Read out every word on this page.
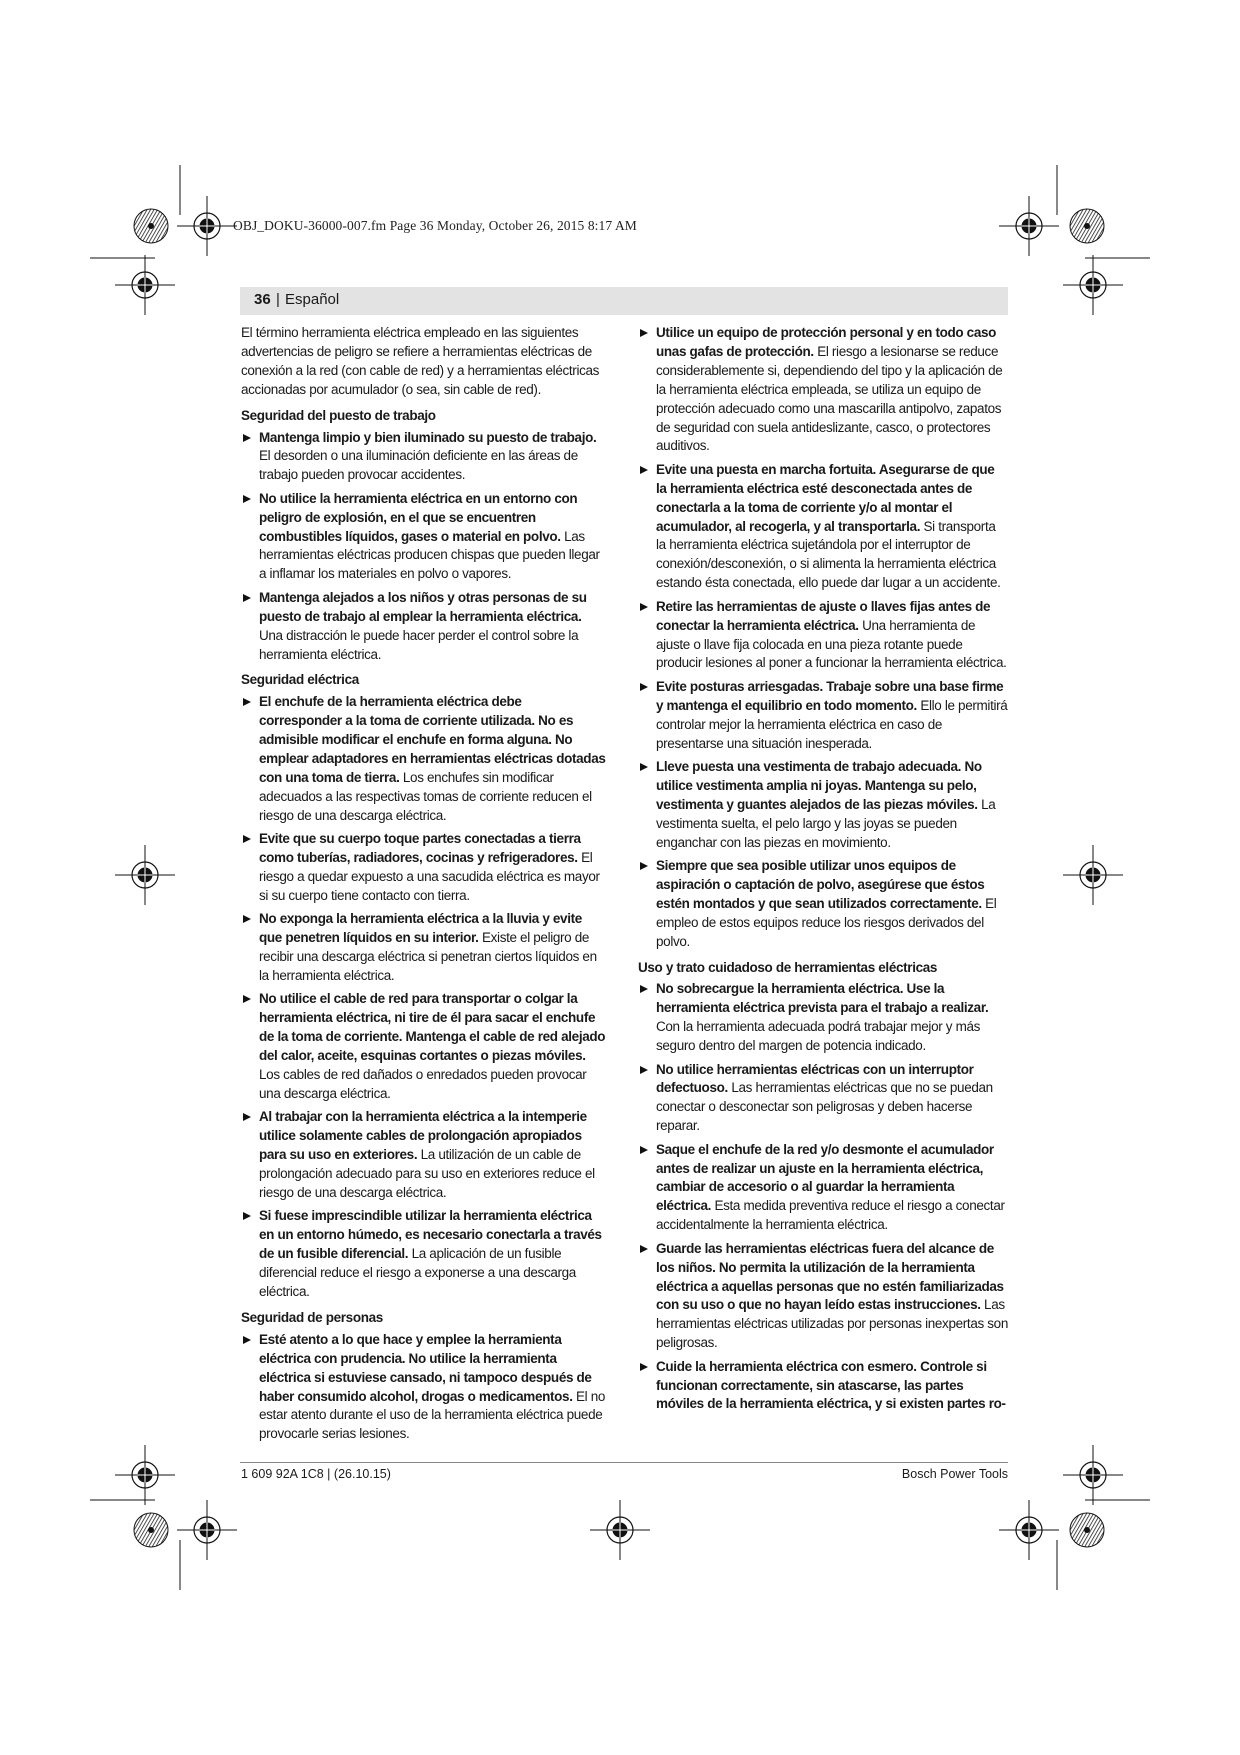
OBJ_DOKU-36000-007.fm Page 36 Monday, October 26, 2015 8:17 AM
36 | Español

El término herramienta eléctrica empleado en las siguientes advertencias de peligro se refiere a herramientas eléctricas de conexión a la red (con cable de red) y a herramientas eléctricas accionadas por acumulador (o sea, sin cable de red).

Seguridad del puesto de trabajo
Mantenga limpio y bien iluminado su puesto de trabajo. El desorden o una iluminación deficiente en las áreas de trabajo pueden provocar accidentes.
No utilice la herramienta eléctrica en un entorno con peligro de explosión, en el que se encuentren combustibles líquidos, gases o material en polvo. Las herramientas eléctricas producen chispas que pueden llegar a inflamar los materiales en polvo o vapores.
Mantenga alejados a los niños y otras personas de su puesto de trabajo al emplear la herramienta eléctrica. Una distracción le puede hacer perder el control sobre la herramienta eléctrica.
Seguridad eléctrica
El enchufe de la herramienta eléctrica debe corresponder a la toma de corriente utilizada. No es admisible modificar el enchufe en forma alguna. No emplear adaptadores en herramientas eléctricas dotadas con una toma de tierra. Los enchufes sin modificar adecuados a las respectivas tomas de corriente reducen el riesgo de una descarga eléctrica.
Evite que su cuerpo toque partes conectadas a tierra como tuberías, radiadores, cocinas y refrigeradores. El riesgo a quedar expuesto a una sacudida eléctrica es mayor si su cuerpo tiene contacto con tierra.
No exponga la herramienta eléctrica a la lluvia y evite que penetren líquidos en su interior. Existe el peligro de recibir una descarga eléctrica si penetran ciertos líquidos en la herramienta eléctrica.
No utilice el cable de red para transportar o colgar la herramienta eléctrica, ni tire de él para sacar el enchufe de la toma de corriente. Mantenga el cable de red alejado del calor, aceite, esquinas cortantes o piezas móviles. Los cables de red dañados o enredados pueden provocar una descarga eléctrica.
Al trabajar con la herramienta eléctrica a la intemperie utilice solamente cables de prolongación apropiados para su uso en exteriores. La utilización de un cable de prolongación adecuado para su uso en exteriores reduce el riesgo de una descarga eléctrica.
Si fuese imprescindible utilizar la herramienta eléctrica en un entorno húmedo, es necesario conectarla a través de un fusible diferencial. La aplicación de un fusible diferencial reduce el riesgo a exponerse a una descarga eléctrica.
Seguridad de personas
Esté atento a lo que hace y emplee la herramienta eléctrica con prudencia. No utilice la herramienta eléctrica si estuviese cansado, ni tampoco después de haber consumido alcohol, drogas o medicamentos. El no estar atento durante el uso de la herramienta eléctrica puede provocarle serias lesiones.
Utilice un equipo de protección personal y en todo caso unas gafas de protección. El riesgo a lesionarse se reduce considerablemente si, dependiendo del tipo y la aplicación de la herramienta eléctrica empleada, se utiliza un equipo de protección adecuado como una mascarilla antipolvo, zapatos de seguridad con suela antideslizante, casco, o protectores auditivos.
Evite una puesta en marcha fortuita. Asegurarse de que la herramienta eléctrica esté desconectada antes de conectarla a la toma de corriente y/o al montar el acumulador, al recogerla, y al transportarla. Si transporta la herramienta eléctrica sujetándola por el interruptor de conexión/desconexión, o si alimenta la herramienta eléctrica estando ésta conectada, ello puede dar lugar a un accidente.
Retire las herramientas de ajuste o llaves fijas antes de conectar la herramienta eléctrica. Una herramienta de ajuste o llave fija colocada en una pieza rotante puede producir lesiones al poner a funcionar la herramienta eléctrica.
Evite posturas arriesgadas. Trabaje sobre una base firme y mantenga el equilibrio en todo momento. Ello le permitirá controlar mejor la herramienta eléctrica en caso de presentarse una situación inesperada.
Lleve puesta una vestimenta de trabajo adecuada. No utilice vestimenta amplia ni joyas. Mantenga su pelo, vestimenta y guantes alejados de las piezas móviles. La vestimenta suelta, el pelo largo y las joyas se pueden enganchar con las piezas en movimiento.
Siempre que sea posible utilizar unos equipos de aspiración o captación de polvo, asegúrese que éstos estén montados y que sean utilizados correctamente. El empleo de estos equipos reduce los riesgos derivados del polvo.
Uso y trato cuidadoso de herramientas eléctricas
No sobrecargue la herramienta eléctrica. Use la herramienta eléctrica prevista para el trabajo a realizar. Con la herramienta adecuada podrá trabajar mejor y más seguro dentro del margen de potencia indicado.
No utilice herramientas eléctricas con un interruptor defectuoso. Las herramientas eléctricas que no se puedan conectar o desconectar son peligrosas y deben hacerse reparar.
Saque el enchufe de la red y/o desmonte el acumulador antes de realizar un ajuste en la herramienta eléctrica, cambiar de accesorio o al guardar la herramienta eléctrica. Esta medida preventiva reduce el riesgo a conectar accidentalmente la herramienta eléctrica.
Guarde las herramientas eléctricas fuera del alcance de los niños. No permita la utilización de la herramienta eléctrica a aquellas personas que no estén familiarizadas con su uso o que no hayan leído estas instrucciones. Las herramientas eléctricas utilizadas por personas inexpertas son peligrosas.
Cuide la herramienta eléctrica con esmero. Controle si funcionan correctamente, sin atascarse, las partes móviles de la herramienta eléctrica, y si existen partes ro-
1 609 92A 1C8 | (26.10.15)	Bosch Power Tools
